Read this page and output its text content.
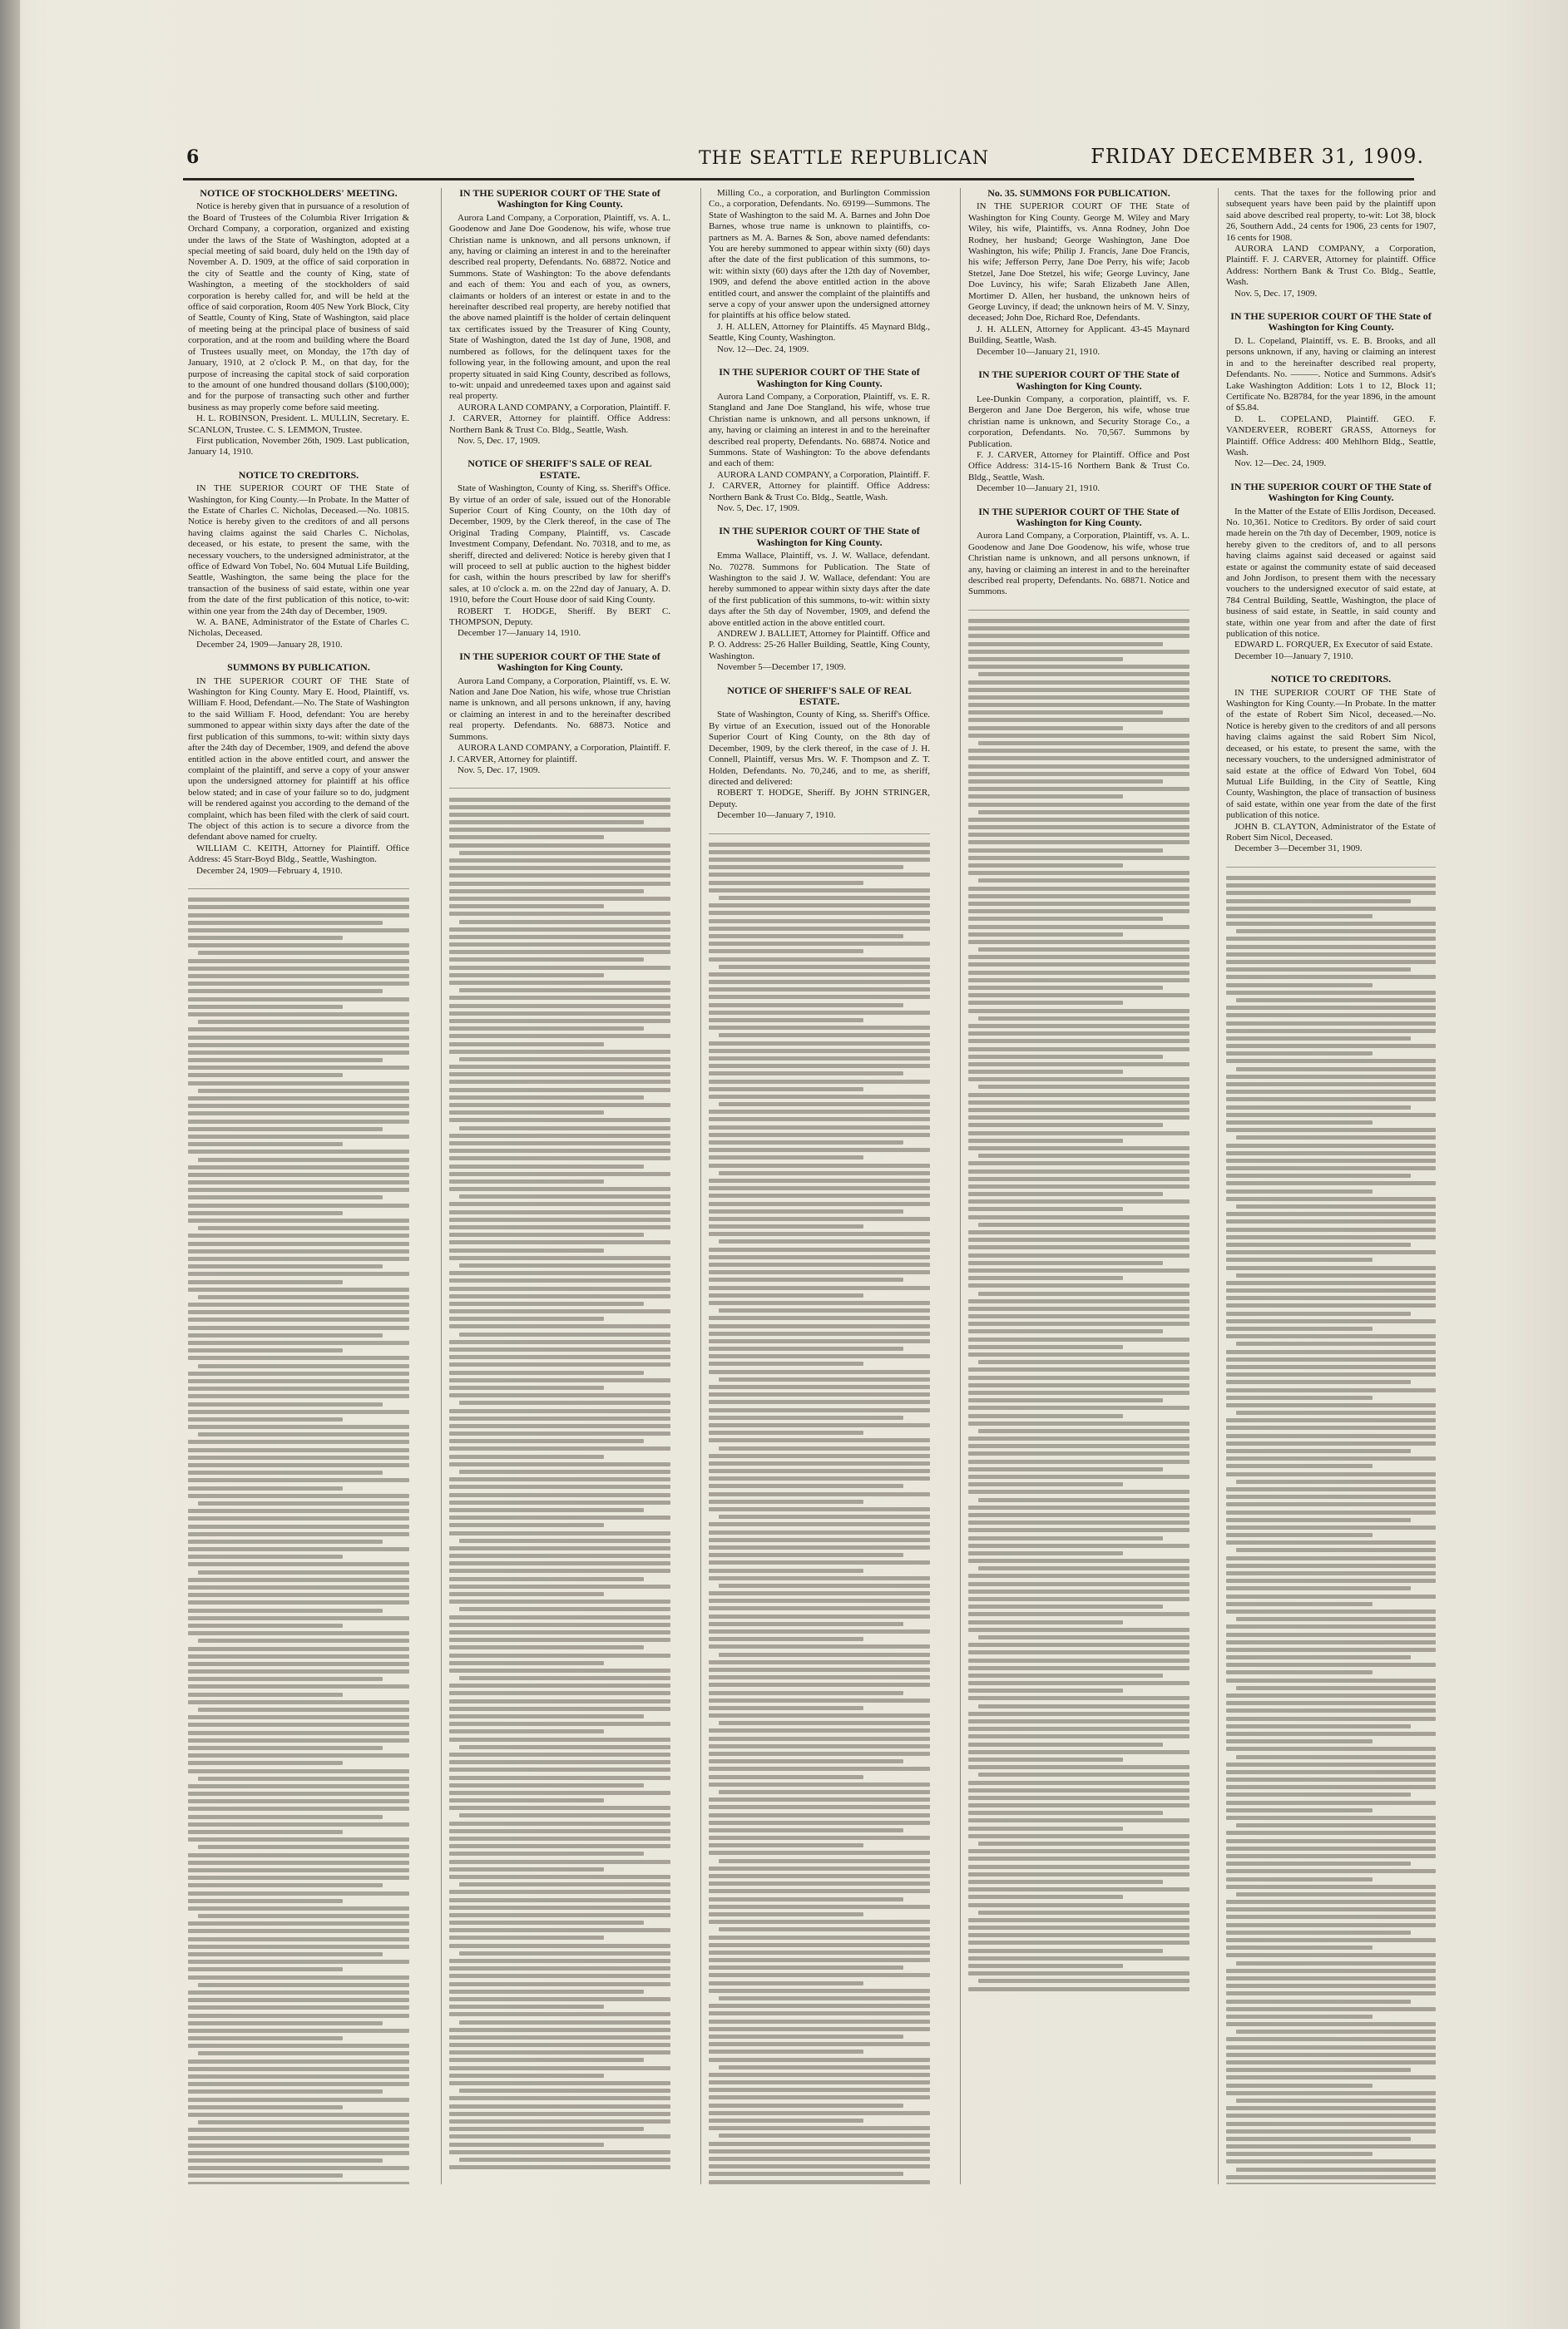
6	THE SEATTLE REPUBLICAN	FRIDAY DECEMBER 31, 1909.
NOTICE OF STOCKHOLDERS' MEETING.
Notice is hereby given that in pursuance of a resolution of the Board of Trustees of the Columbia River Irrigation & Orchard Company, a corporation, organized and existing under the laws of the State of Washington, adopted at a special meeting of said board, duly held on the 19th day of November A. D. 1909, at the office of said corporation in the city of Seattle and the county of King, state of Washington, a meeting of the stockholders of said corporation is hereby called for, and will be held at the office of said corporation, Room 405 New York Block, City of Seattle, County of King, State of Washington, said place of meeting being at the principal place of business of said corporation, and at the room and building where the Board of Trustees usually meet, on Monday, the 17th day of January, 1910, at 2 o'clock P. M., on that day, for the purpose of increasing the capital stock of said corporation to the amount of one hundred thousand dollars ($100,000); and for the purpose of transacting such other and further business as may properly come before said meeting.
H. L. ROBINSON, President. L. MULLIN, Secretary. E. SCANLON, Trustee. C. S. LEMMON, Trustee.
First publication, November 26th, 1909. Last publication, January 14, 1910.
NOTICE TO CREDITORS.
IN THE SUPERIOR COURT OF THE State of Washington, for King County.—In Probate. In the Matter of the Estate of Charles C. Nicholas, Deceased.—No. 10815. Notice is hereby given to the creditors of and all persons having claims against the said Charles C. Nicholas, deceased, or his estate, to present the same, with the necessary vouchers, to the undersigned administrator, at the office of Edward Von Tobel, No. 604 Mutual Life Building, Seattle, Washington, the same being the place for the transaction of the business of said estate, within one year from the date of the first publication of this notice, to-wit: within one year from the 24th day of December, 1909.
W. A. BANE, Administrator of the Estate of Charles C. Nicholas, Deceased.
December 24, 1909—January 28, 1910.
SUMMONS BY PUBLICATION.
IN THE SUPERIOR COURT OF THE State of Washington for King County. Mary E. Hood, Plaintiff, vs. William F. Hood, Defendant.—No. The State of Washington to the said William F. Hood, defendant: You are hereby summoned to appear within sixty days after the date of the first publication of this summons, to-wit: within sixty days after the 24th day of December, 1909, and defend the above entitled action in the above entitled court, and answer the complaint of the plaintiff, and serve a copy of your answer upon the undersigned attorney for plaintiff at his office below stated; and in case of your failure so to do, judgment will be rendered against you according to the demand of the complaint, which has been filed with the clerk of said court. The object of this action is to secure a divorce from the defendant above named for cruelty.
WILLIAM C. KEITH, Attorney for Plaintiff. Office Address: 45 Starr-Boyd Bldg., Seattle, Washington.
December 24, 1909—February 4, 1910.
IN THE SUPERIOR COURT OF THE State of Washington for King County.
Aurora Land Company, a Corporation, Plaintiff, vs. A. L. Goodenow and Jane Doe Goodenow, his wife, whose true Christian name is unknown, and all persons unknown, if any, having or claiming an interest in and to the hereinafter described real property, Defendants. No. 68872. Notice and Summons. State of Washington: To the above defendants and each of them: You and each of you, as owners, claimants or holders of an interest or estate in and to the hereinafter described real property, are hereby notified that the above named plaintiff is the holder of certain delinquent tax certificates issued by the Treasurer of King County, State of Washington, dated the 1st day of June, 1908, and numbered as follows, for the delinquent taxes for the following year, in the following amount, and upon the real property situated in said King County, described as follows, to-wit: unpaid and unredeemed taxes upon and against said real property.
AURORA LAND COMPANY, a Corporation, Plaintiff. F. J. CARVER, Attorney for plaintiff. Office Address: Northern Bank & Trust Co. Bldg., Seattle, Wash.
Nov. 5, Dec. 17, 1909.
NOTICE OF SHERIFF'S SALE OF REAL ESTATE.
State of Washington, County of King, ss. Sheriff's Office. By virtue of an order of sale, issued out of the Honorable Superior Court of King County, on the 10th day of December, 1909, by the Clerk thereof, in the case of The Original Trading Company, Plaintiff, vs. Cascade Investment Company, Defendant. No. 70318, and to me, as sheriff, directed and delivered: Notice is hereby given that I will proceed to sell at public auction to the highest bidder for cash, within the hours prescribed by law for sheriff's sales, at 10 o'clock a. m. on the 22nd day of January, A. D. 1910, before the Court House door of said King County.
ROBERT T. HODGE, Sheriff. By BERT C. THOMPSON, Deputy.
December 17—January 14, 1910.
IN THE SUPERIOR COURT OF THE State of Washington for King County.
Aurora Land Company, a Corporation, Plaintiff, vs. E. W. Nation and Jane Doe Nation, his wife, whose true Christian name is unknown, and all persons unknown, if any, having or claiming an interest in and to the hereinafter described real property. Defendants. No. 68873. Notice and Summons.
AURORA LAND COMPANY, a Corporation, Plaintiff. F. J. CARVER, Attorney for plaintiff.
Nov. 5, Dec. 17, 1909.
Milling Co., a corporation, and Burlington Commission Co., a corporation, Defendants. No. 69199—Summons. The State of Washington to the said M. A. Barnes and John Doe Barnes, whose true name is unknown to plaintiffs, co-partners as M. A. Barnes & Son, above named defendants: You are hereby summoned to appear within sixty (60) days after the date of the first publication of this summons, to-wit: within sixty (60) days after the 12th day of November, 1909, and defend the above entitled action in the above entitled court, and answer the complaint of the plaintiffs and serve a copy of your answer upon the undersigned attorney for plaintiffs at his office below stated.
J. H. ALLEN, Attorney for Plaintiffs. 45 Maynard Bldg., Seattle, King County, Washington.
Nov. 12—Dec. 24, 1909.
IN THE SUPERIOR COURT OF THE State of Washington for King County.
Aurora Land Company, a Corporation, Plaintiff, vs. E. R. Stangland and Jane Doe Stangland, his wife, whose true Christian name is unknown, and all persons unknown, if any, having or claiming an interest in and to the hereinafter described real property, Defendants. No. 68874. Notice and Summons. State of Washington: To the above defendants and each of them:
AURORA LAND COMPANY, a Corporation, Plaintiff. F. J. CARVER, Attorney for plaintiff. Office Address: Northern Bank & Trust Co. Bldg., Seattle, Wash.
Nov. 5, Dec. 17, 1909.
IN THE SUPERIOR COURT OF THE State of Washington for King County.
Emma Wallace, Plaintiff, vs. J. W. Wallace, defendant. No. 70278. Summons for Publication. The State of Washington to the said J. W. Wallace, defendant: You are hereby summoned to appear within sixty days after the date of the first publication of this summons, to-wit: within sixty days after the 5th day of November, 1909, and defend the above entitled action in the above entitled court.
ANDREW J. BALLIET, Attorney for Plaintiff. Office and P. O. Address: 25-26 Haller Building, Seattle, King County, Washington.
November 5—December 17, 1909.
NOTICE OF SHERIFF'S SALE OF REAL ESTATE.
State of Washington, County of King, ss. Sheriff's Office. By virtue of an Execution, issued out of the Honorable Superior Court of King County, on the 8th day of December, 1909, by the clerk thereof, in the case of J. H. Connell, Plaintiff, versus Mrs. W. F. Thompson and Z. T. Holden, Defendants. No. 70,246, and to me, as sheriff, directed and delivered:
ROBERT T. HODGE, Sheriff. By JOHN STRINGER, Deputy.
December 10—January 7, 1910.
No. 35. SUMMONS FOR PUBLICATION.
IN THE SUPERIOR COURT OF THE State of Washington for King County. George M. Wiley and Mary Wiley, his wife, Plaintiffs, vs. Anna Rodney, John Doe Rodney, her husband; George Washington, Jane Doe Washington, his wife; Philip J. Francis, Jane Doe Francis, his wife; Jefferson Perry, Jane Doe Perry, his wife; Jacob Stetzel, Jane Doe Stetzel, his wife; George Luvincy, Jane Doe Luvincy, his wife; Sarah Elizabeth Jane Allen, Mortimer D. Allen, her husband, the unknown heirs of George Luvincy, if dead; the unknown heirs of M. V. Sinzy, deceased; John Doe, Richard Roe, Defendants.
J. H. ALLEN, Attorney for Applicant. 43-45 Maynard Building, Seattle, Wash.
December 10—January 21, 1910.
IN THE SUPERIOR COURT OF THE State of Washington for King County.
Lee-Dunkin Company, a corporation, plaintiff, vs. F. Bergeron and Jane Doe Bergeron, his wife, whose true christian name is unknown, and Security Storage Co., a corporation, Defendants. No. 70,567. Summons by Publication.
F. J. CARVER, Attorney for Plaintiff. Office and Post Office Address: 314-15-16 Northern Bank & Trust Co. Bldg., Seattle, Wash.
December 10—January 21, 1910.
IN THE SUPERIOR COURT OF THE State of Washington for King County.
Aurora Land Company, a Corporation, Plaintiff, vs. A. L. Goodenow and Jane Doe Goodenow, his wife, whose true Christian name is unknown, and all persons unknown, if any, having or claiming an interest in and to the hereinafter described real property, Defendants. No. 68871. Notice and Summons.
cents. That the taxes for the following prior and subsequent years have been paid by the plaintiff upon said above described real property, to-wit: Lot 38, block 26, Southern Add., 24 cents for 1906, 23 cents for 1907, 16 cents for 1908.
AURORA LAND COMPANY, a Corporation, Plaintiff. F. J. CARVER, Attorney for plaintiff. Office Address: Northern Bank & Trust Co. Bldg., Seattle, Wash.
Nov. 5, Dec. 17, 1909.
IN THE SUPERIOR COURT OF THE State of Washington for King County.
D. L. Copeland, Plaintiff, vs. E. B. Brooks, and all persons unknown, if any, having or claiming an interest in and to the hereinafter described real property, Defendants. No. ———. Notice and Summons. Adsit's Lake Washington Addition: Lots 1 to 12, Block 11; Certificate No. B28784, for the year 1896, in the amount of $5.84.
D. L. COPELAND, Plaintiff. GEO. F. VANDERVEER, ROBERT GRASS, Attorneys for Plaintiff. Office Address: 400 Mehlhorn Bldg., Seattle, Wash.
Nov. 12—Dec. 24, 1909.
IN THE SUPERIOR COURT OF THE State of Washington for King County.
In the Matter of the Estate of Ellis Jordison, Deceased. No. 10,361. Notice to Creditors. By order of said court made herein on the 7th day of December, 1909, notice is hereby given to the creditors of, and to all persons having claims against said deceased or against said estate or against the community estate of said deceased and John Jordison, to present them with the necessary vouchers to the undersigned executor of said estate, at 784 Central Building, Seattle, Washington, the place of business of said estate, in Seattle, in said county and state, within one year from and after the date of first publication of this notice.
EDWARD L. FORQUER, Ex Executor of said Estate.
December 10—January 7, 1910.
NOTICE TO CREDITORS.
IN THE SUPERIOR COURT OF THE State of Washington for King County.—In Probate. In the matter of the estate of Robert Sim Nicol, deceased.—No. Notice is hereby given to the creditors of and all persons having claims against the said Robert Sim Nicol, deceased, or his estate, to present the same, with the necessary vouchers, to the undersigned administrator of said estate at the office of Edward Von Tobel, 604 Mutual Life Building, in the City of Seattle, King County, Washington, the place of transaction of business of said estate, within one year from the date of the first publication of this notice.
JOHN B. CLAYTON, Administrator of the Estate of Robert Sim Nicol, Deceased.
December 3—December 31, 1909.
